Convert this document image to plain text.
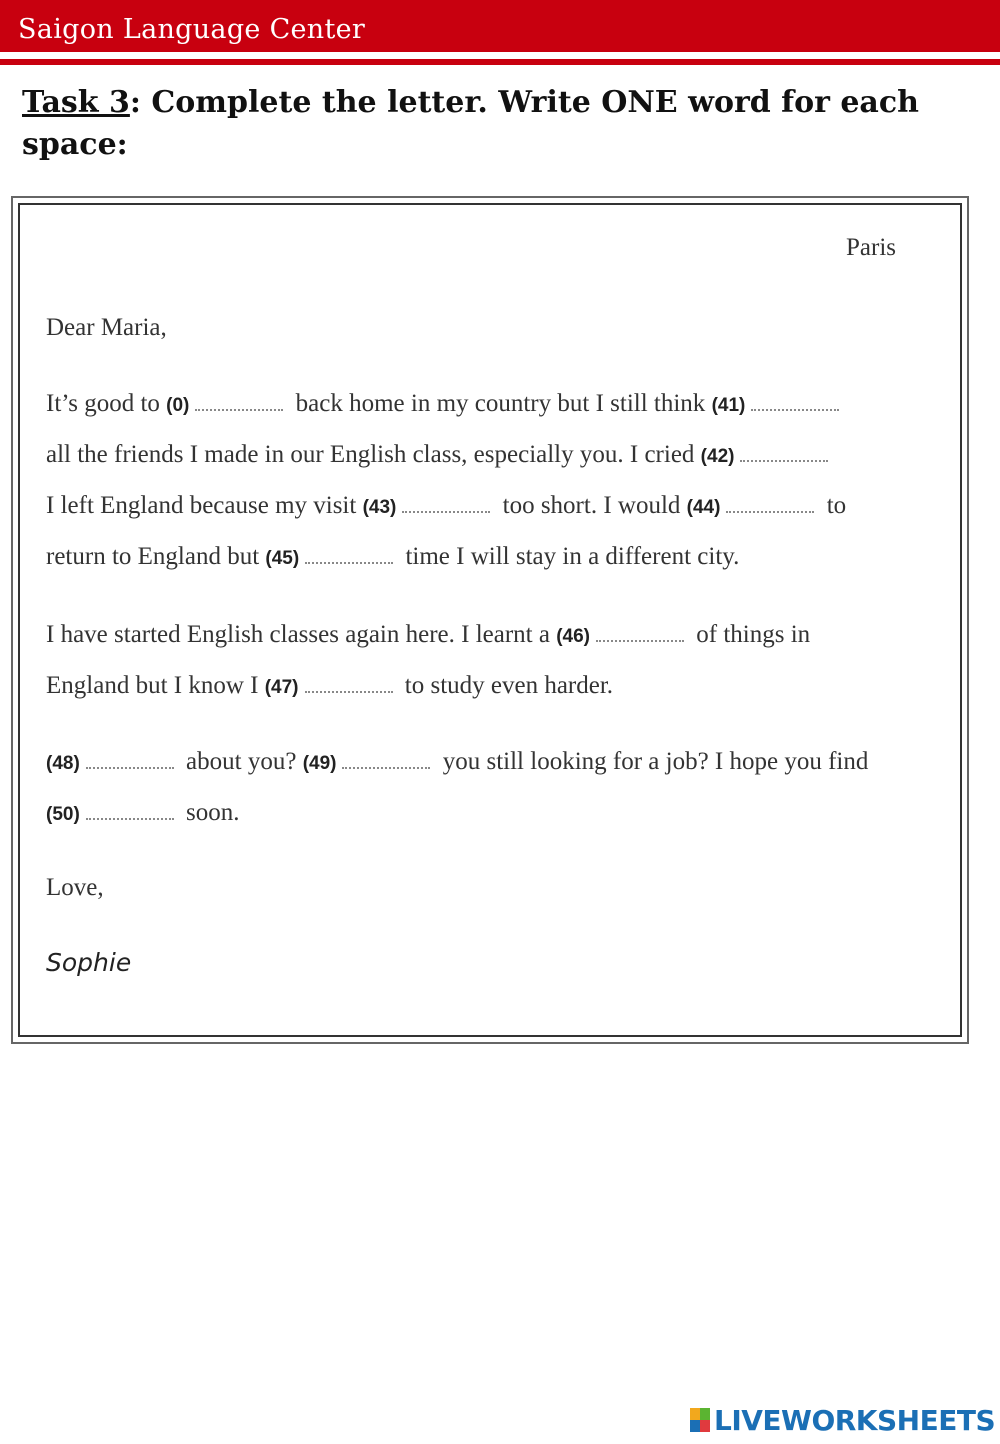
Saigon Language Center
Task 3: Complete the letter. Write ONE word for each space:
Paris
Dear Maria,
It’s good to (0)	back home in my country but I still think (41)
all the friends I made in our English class, especially you. I cried (42)
I left England because my visit (43)	too short. I would (44)	to
return to England but (45)	time I will stay in a different city.
I have started English classes again here. I learnt a (46)	of things in
England but I know I (47)	to study even harder.
(48)	about you? (49)	you still looking for a job? I hope you find
(50)	soon.
Love,
Sophie
LIVEWORKSHEETS
